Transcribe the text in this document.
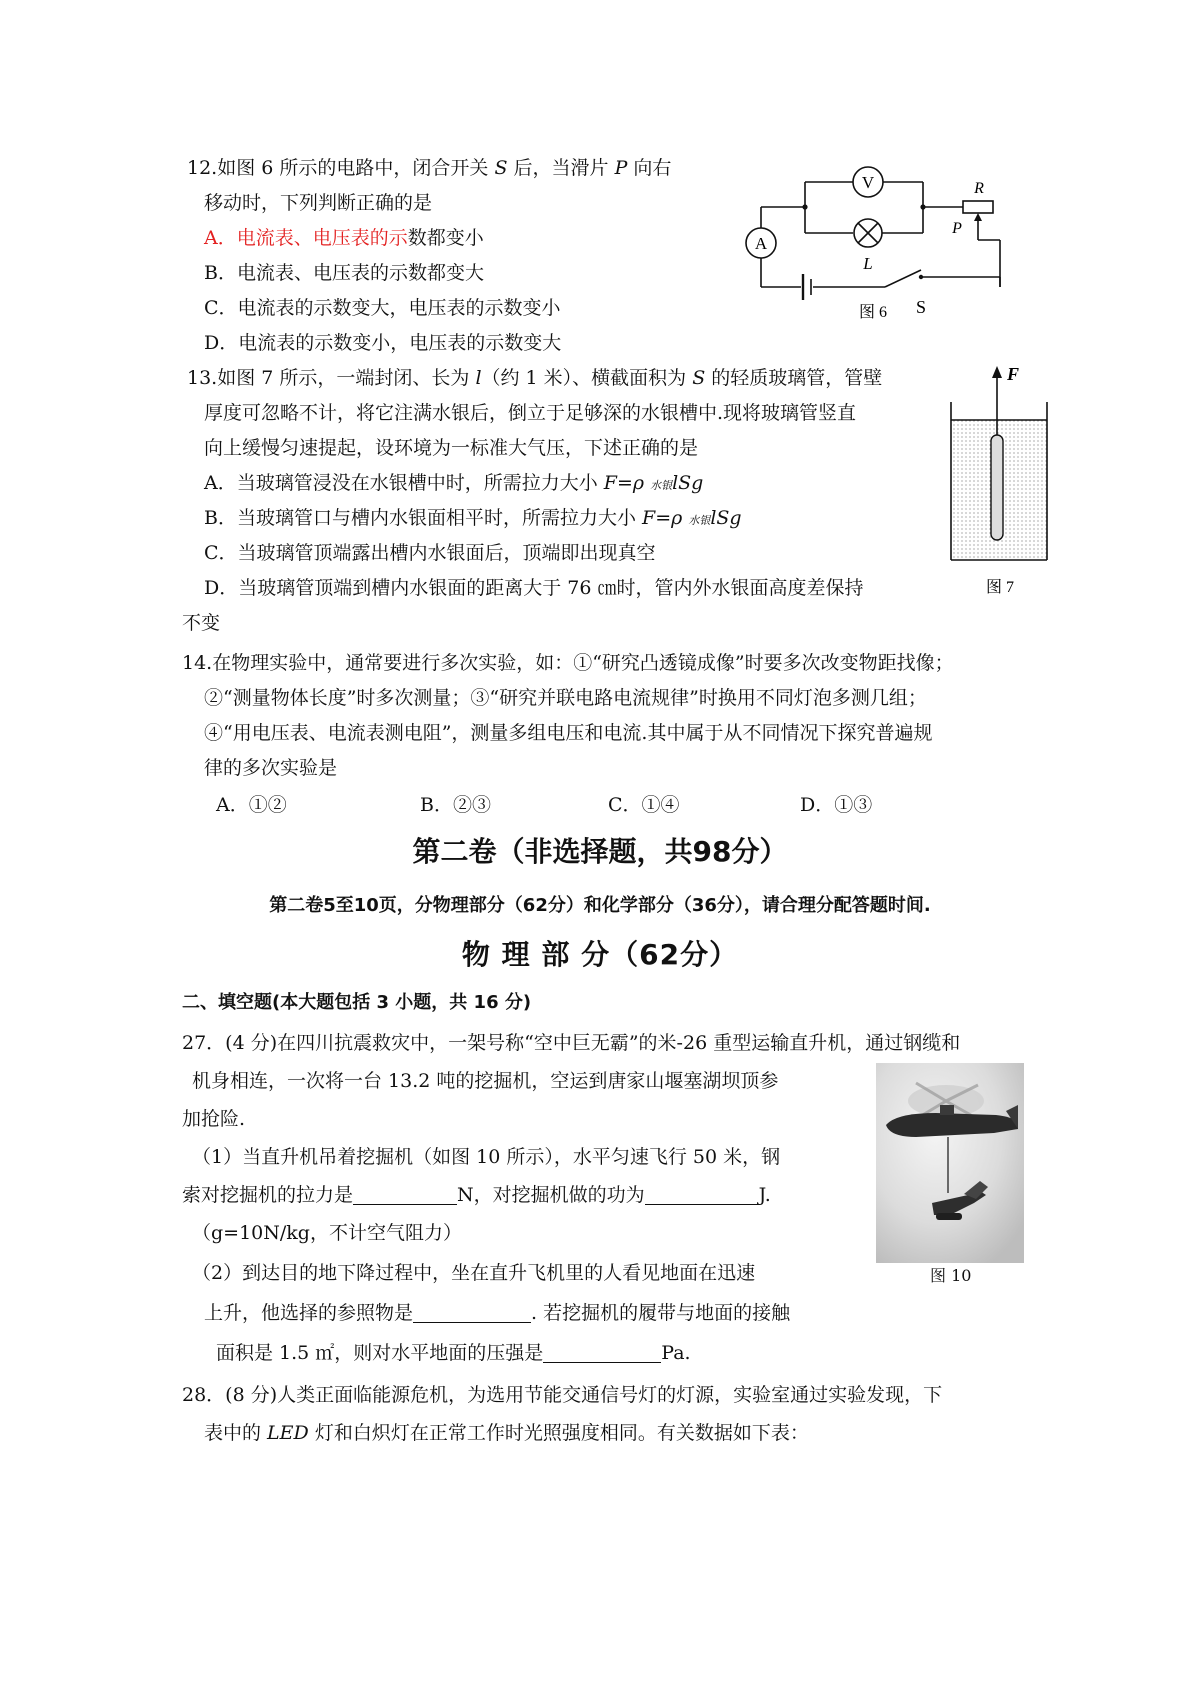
12.如图 6 所示的电路中，闭合开关 S 后，当滑片 P 向右
移动时，下列判断正确的是
A．电流表、电压表的示数都变小
B．电流表、电压表的示数都变大
C．电流表的示数变大，电压表的示数变小
D．电流表的示数变小，电压表的示数变大
V
A
L
R
P
S
图 6
13.如图 7 所示，一端封闭、长为 l（约 1 米）、横截面积为 S 的轻质玻璃管，管壁
厚度可忽略不计，将它注满水银后，倒立于足够深的水银槽中.现将玻璃管竖直
向上缓慢匀速提起，设环境为一标准大气压，下述正确的是
A．当玻璃管浸没在水银槽中时，所需拉力大小 F=ρ 水银lSg
B．当玻璃管口与槽内水银面相平时，所需拉力大小 F=ρ 水银lSg
C．当玻璃管顶端露出槽内水银面后，顶端即出现真空
D．当玻璃管顶端到槽内水银面的距离大于 76 ㎝时，管内外水银面高度差保持
不变
F
图 7
14.在物理实验中，通常要进行多次实验，如：①“研究凸透镜成像”时要多次改变物距找像；
②“测量物体长度”时多次测量；③“研究并联电路电流规律”时换用不同灯泡多测几组；
④“用电压表、电流表测电阻”，测量多组电压和电流.其中属于从不同情况下探究普遍规
律的多次实验是
A．①②	B．②③	C．①④	D．①③
第二卷（非选择题，共98分）
第二卷5至10页，分物理部分（62分）和化学部分（36分），请合理分配答题时间.
物 理 部 分（62分）
二、填空题(本大题包括 3 小题，共 16 分)
27．(4 分)在四川抗震救灾中，一架号称“空中巨无霸”的米-26 重型运输直升机，通过钢缆和
机身相连，一次将一台 13.2 吨的挖掘机，空运到唐家山堰塞湖坝顶参
加抢险.
（1）当直升机吊着挖掘机（如图 10 所示），水平匀速飞行 50 米，钢
索对挖掘机的拉力是	N，对挖掘机做的功为	J.
（g=10N/kg，不计空气阻力）
（2）到达目的地下降过程中，坐在直升飞机里的人看见地面在迅速
上升，他选择的参照物是	. 若挖掘机的履带与地面的接触
面积是 1.5 ㎡，则对水平地面的压强是	Pa.
图 10
28．(8 分)人类正面临能源危机，为选用节能交通信号灯的灯源，实验室通过实验发现，下
表中的 LED 灯和白炽灯在正常工作时光照强度相同。有关数据如下表：
